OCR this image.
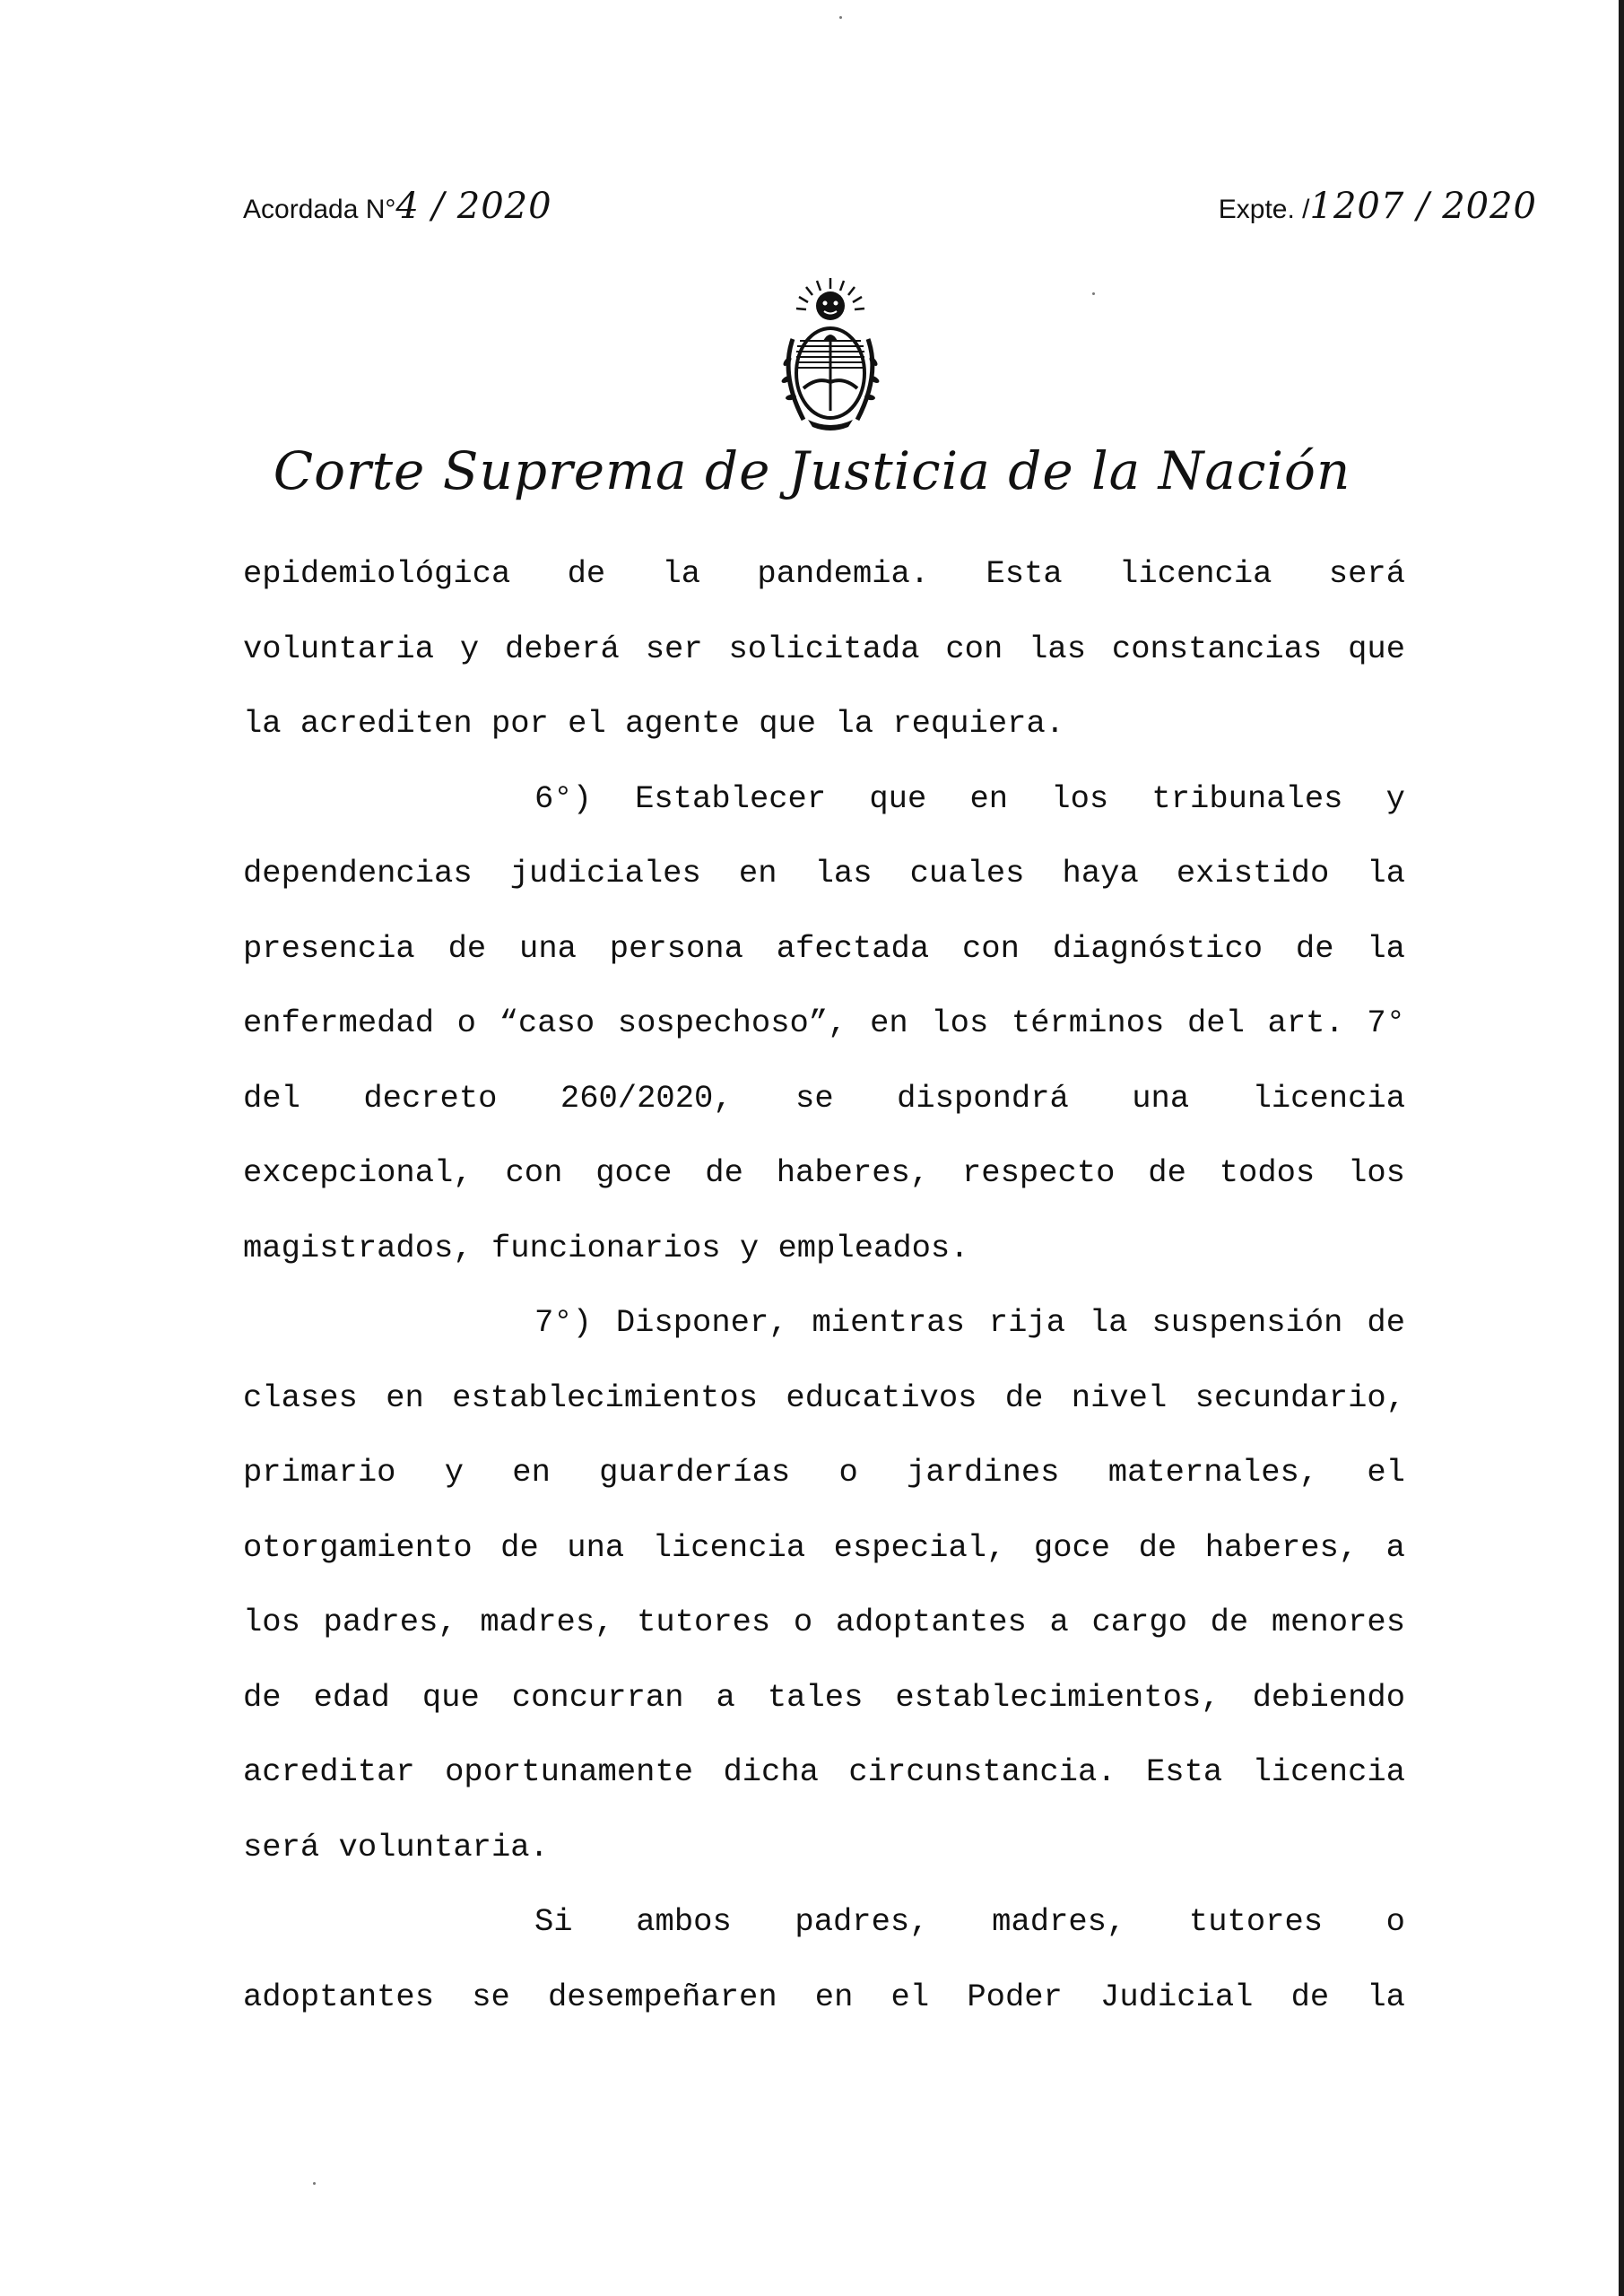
Acordada N°4 / 2020	Expte. /1207 / 2020
Corte Suprema de Justicia de la Nación
epidemiológica de la pandemia. Esta licencia será
voluntaria y deberá ser solicitada con las constancias que
la acrediten por el agente que la requiera.
6°) Establecer que en los tribunales y
dependencias judiciales en las cuales haya existido la
presencia de una persona afectada con diagnóstico de la
enfermedad o “caso sospechoso”, en los términos del art. 7°
del decreto 260/2020, se dispondrá una licencia
excepcional, con goce de haberes, respecto de todos los
magistrados, funcionarios y empleados.
7°) Disponer, mientras rija la suspensión de
clases en establecimientos educativos de nivel secundario,
primario y en guarderías o jardines maternales, el
otorgamiento de una licencia especial, goce de haberes, a
los padres, madres, tutores o adoptantes a cargo de menores
de edad que concurran a tales establecimientos, debiendo
acreditar oportunamente dicha circunstancia. Esta licencia
será voluntaria.
Si ambos padres, madres, tutores o
adoptantes se desempeñaren en el Poder Judicial de la
